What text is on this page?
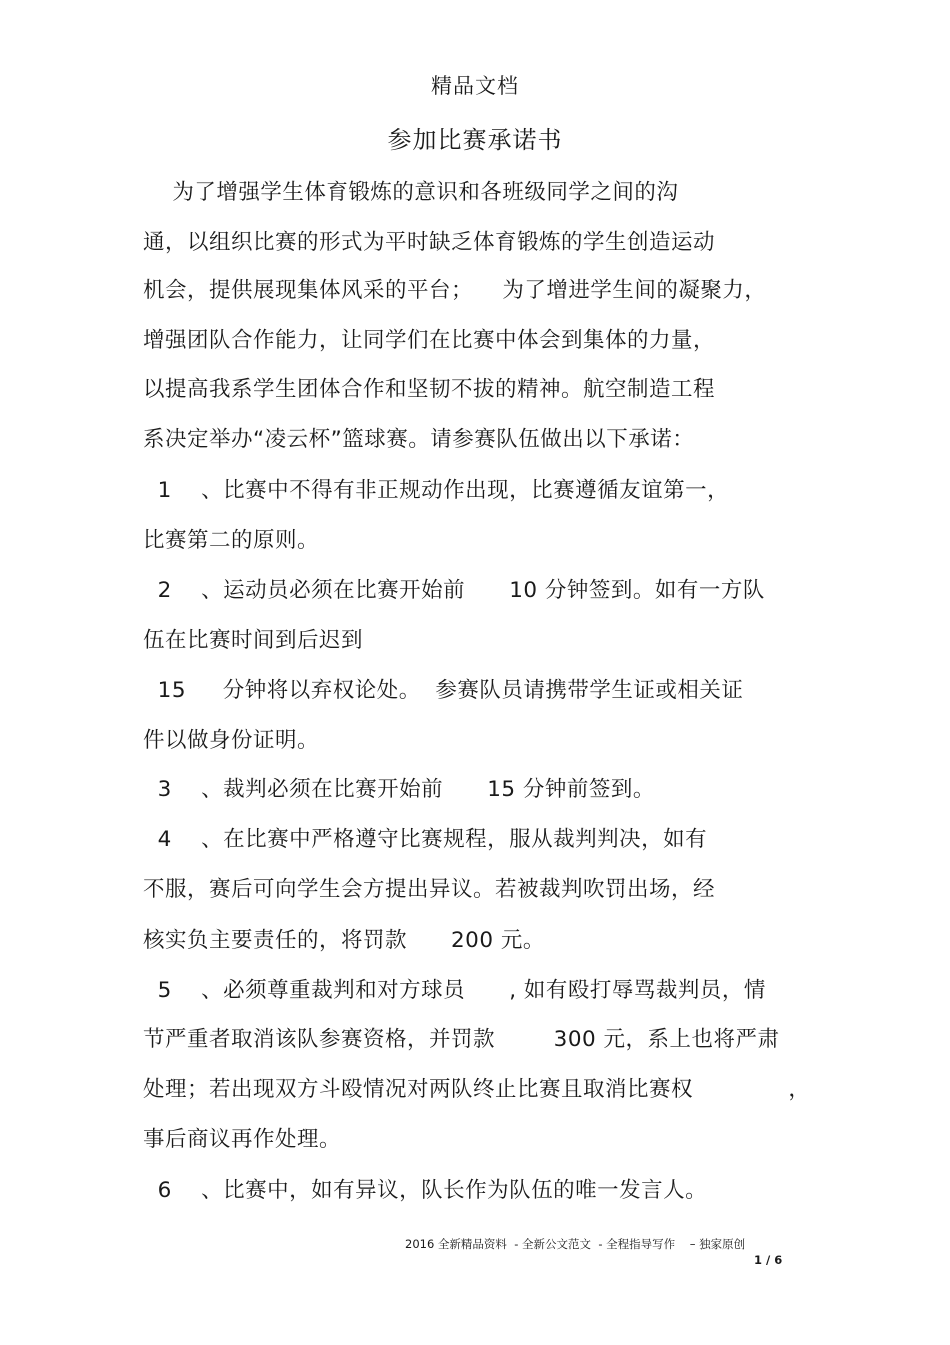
精品文档
参加比赛承诺书
为了增强学生体育锻炼的意识和各班级同学之间的沟
通，以组织比赛的形式为平时缺乏体育锻炼的学生创造运动
机会，提供展现集体风采的平台；    为了增进学生间的凝聚力，
增强团队合作能力，让同学们在比赛中体会到集体的力量，
以提高我系学生团体合作和坚韧不拔的精神。航空制造工程
系决定举办“凌云杯”篮球赛。请参赛队伍做出以下承诺：
1    、比赛中不得有非正规动作出现，比赛遵循友谊第一，
比赛第二的原则。
2    、运动员必须在比赛开始前      10 分钟签到。如有一方队
伍在比赛时间到后迟到
15     分钟将以弃权论处。  参赛队员请携带学生证或相关证
件以做身份证明。
3    、裁判必须在比赛开始前      15 分钟前签到。
4    、在比赛中严格遵守比赛规程，服从裁判判决，如有
不服，赛后可向学生会方提出异议。若被裁判吹罚出场，经
核实负主要责任的，将罚款      200 元。
5    、必须尊重裁判和对方球员      , 如有殴打辱骂裁判员，情
节严重者取消该队参赛资格，并罚款        300 元，系上也将严肃
处理；若出现双方斗殴情况对两队终止比赛且取消比赛权             ，
事后商议再作处理。
6    、比赛中，如有异议，队长作为队伍的唯一发言人。
2016 全新精品资料  - 全新公文范文  - 全程指导写作    – 独家原创
1 / 6
